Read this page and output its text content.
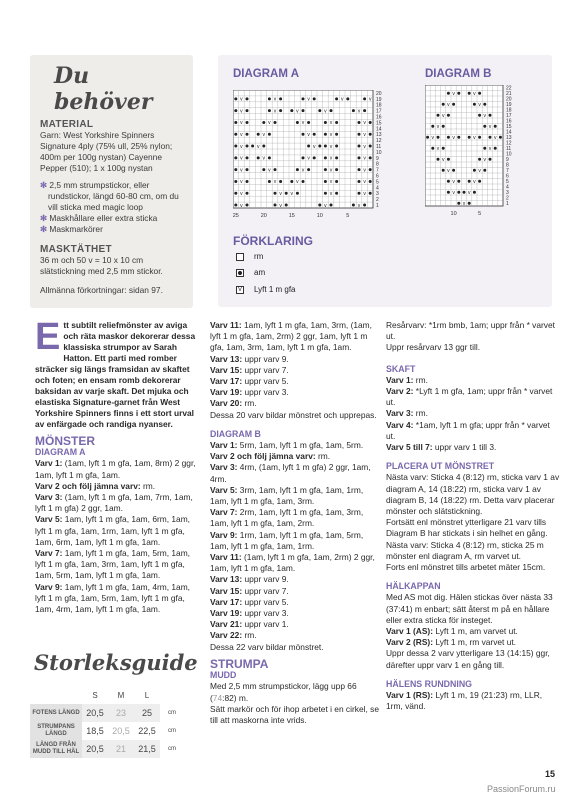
Du behöver
MATERIAL
Garn: West Yorkshire Spinners Signature 4ply (75% ull, 25% nylon; 400m per 100g nystan) Cayenne Pepper (510); 1 x 100g nystan
✻ 2,5 mm strumpstickor, eller rundstickor, längd 60-80 cm, om du vill sticka med magic loop
✻ Maskhållare eller extra sticka
✻ Maskmarkörer
MASKTÄTHET
36 m och 50 v = 10 x 10 cm slätstickning med 2,5 mm stickor.
Allmänna förkortningar: sidan 97.
DIAGRAM A	DIAGRAM B
v	v	v	v	v
v	v	v	v	v
v	v	v	v	v
v	v	v	v	v
v	v	v	v	v
v	v	v	v	v
v	v	v	v	v
v	v	v	v	v
v	v v	v	v
v	v	v	v
20
19
18
17
16
15
14
13
12
11
10
9
8
7
6
5
4
3
2
1
25	20	15	10	5
v	v
v	v
v	v
v	v
v	v	v	v
v	v
v	v
v	v
v	v
v	v
v
22
21
20
19
18
17
16
15
14
13
12
11
10
9
8
7
6
5
4
3
2
1
10	5
FÖRKLARING
rm
am
V Lyft 1 m gfa
Ett subtilt reliefmönster av aviga och räta maskor dekorerar dessa klassiska strumpor av Sarah Hatton. Ett parti med romber sträcker sig längs framsidan av skaftet och foten; en ensam romb dekorerar baksidan av varje skaft. Det mjuka och elastiska Signature-garnet från West Yorkshire Spinners finns i ett stort urval av enfärgade och randiga nyanser.
MÖNSTER
DIAGRAM A
Varv 1: (1am, lyft 1 m gfa, 1am, 8rm) 2 ggr, 1am, lyft 1 m gfa, 1am.
Varv 2 och följ jämna varv: rm.
Varv 3: (1am, lyft 1 m gfa, 1am, 7rm, 1am, lyft 1 m gfa) 2 ggr, 1am.
Varv 5: 1am, lyft 1 m gfa, 1am, 6rm, 1am, lyft 1 m gfa, 1am, 1rm, 1am, lyft 1 m gfa, 1am, 6rm, 1am, lyft 1 m gfa, 1am.
Varv 7: 1am, lyft 1 m gfa, 1am, 5rm, 1am, lyft 1 m gfa, 1am, 3rm, 1am, lyft 1 m gfa, 1am, 5rm, 1am, lyft 1 m gfa, 1am.
Varv 9: 1am, lyft 1 m gfa, 1am, 4rm, 1am, lyft 1 m gfa, 1am, 5rm, 1am, lyft 1 m gfa, 1am, 4rm, 1am, lyft 1 m gfa, 1am.
Storleksguide
	S	M	L	
FOTENS LÄNGD	20,5	23	25	cm
STRUMPANS LÄNGD	18,5	20,5	22,5	cm
LÄNGD FRÅN MUDD TILL HÄL	20,5	21	21,5	cm
Varv 11: 1am, lyft 1 m gfa, 1am, 3rm, (1am, lyft 1 m gfa, 1am, 2rm) 2 ggr, 1am, lyft 1 m gfa, 1am, 3rm, 1am, lyft 1 m gfa, 1am.
Varv 13: uppr varv 9.
Varv 15: uppr varv 7.
Varv 17: uppr varv 5.
Varv 19: uppr varv 3.
Varv 20: rm.
Dessa 20 varv bildar mönstret och upprepas.
DIAGRAM B
Varv 1: 5rm, 1am, lyft 1 m gfa, 1am, 5rm.
Varv 2 och följ jämna varv: rm.
Varv 3: 4rm, (1am, lyft 1 m gfa) 2 ggr, 1am, 4rm.
Varv 5: 3rm, 1am, lyft 1 m gfa, 1am, 1rm, 1am, lyft 1 m gfa, 1am, 3rm.
Varv 7: 2rm, 1am, lyft 1 m gfa, 1am, 3rm, 1am, lyft 1 m gfa, 1am, 2rm.
Varv 9: 1rm, 1am, lyft 1 m gfa, 1am, 5rm, 1am, lyft 1 m gfa, 1am, 1rm.
Varv 11: (1am, lyft 1 m gfa, 1am, 2rm) 2 ggr, 1am, lyft 1 m gfa, 1am.
Varv 13: uppr varv 9.
Varv 15: uppr varv 7.
Varv 17: uppr varv 5.
Varv 19: uppr varv 3.
Varv 21: uppr varv 1.
Varv 22: rm.
Dessa 22 varv bildar mönstret.
STRUMPA
MUDD
Med 2,5 mm strumpstickor, lägg upp 66 (74:82) m.
Sätt markör och för ihop arbetet i en cirkel, se till att maskorna inte vrids.
Resårvarv: *1rm bmb, 1am; uppr från * varvet ut.
Uppr resårvarv 13 ggr till.
SKAFT
Varv 1: rm.
Varv 2: *Lyft 1 m gfa, 1am; uppr från * varvet ut.
Varv 3: rm.
Varv 4: *1am, lyft 1 m gfa; uppr från * varvet ut.
Varv 5 till 7: uppr varv 1 till 3.
PLACERA UT MÖNSTRET
Nästa varv: Sticka 4 (8:12) rm, sticka varv 1 av diagram A, 14 (18:22) rm, sticka varv 1 av diagram B, 14 (18:22) rm. Detta varv placerar mönster och slätstickning.
Fortsätt enl mönstret ytterligare 21 varv tills Diagram B har stickats i sin helhet en gång.
Nästa varv: Sticka 4 (8:12) rm, sticka 25 m mönster enl diagram A, rm varvet ut.
Forts enl mönstret tills arbetet mäter 15cm.
HÄLKAPPAN
Med AS mot dig. Hälen stickas över nästa 33 (37:41) m enbart; sätt återst m på en hållare eller extra sticka för insteget.
Varv 1 (AS): Lyft 1 m, am varvet ut.
Varv 2 (RS): Lyft 1 m, rm varvet ut.
Uppr dessa 2 varv ytterligare 13 (14:15) ggr, därefter uppr varv 1 en gång till.
HÄLENS RUNDNING
Varv 1 (RS): Lyft 1 m, 19 (21:23) rm, LLR, 1rm, vänd.
15
PassionForum.ru
